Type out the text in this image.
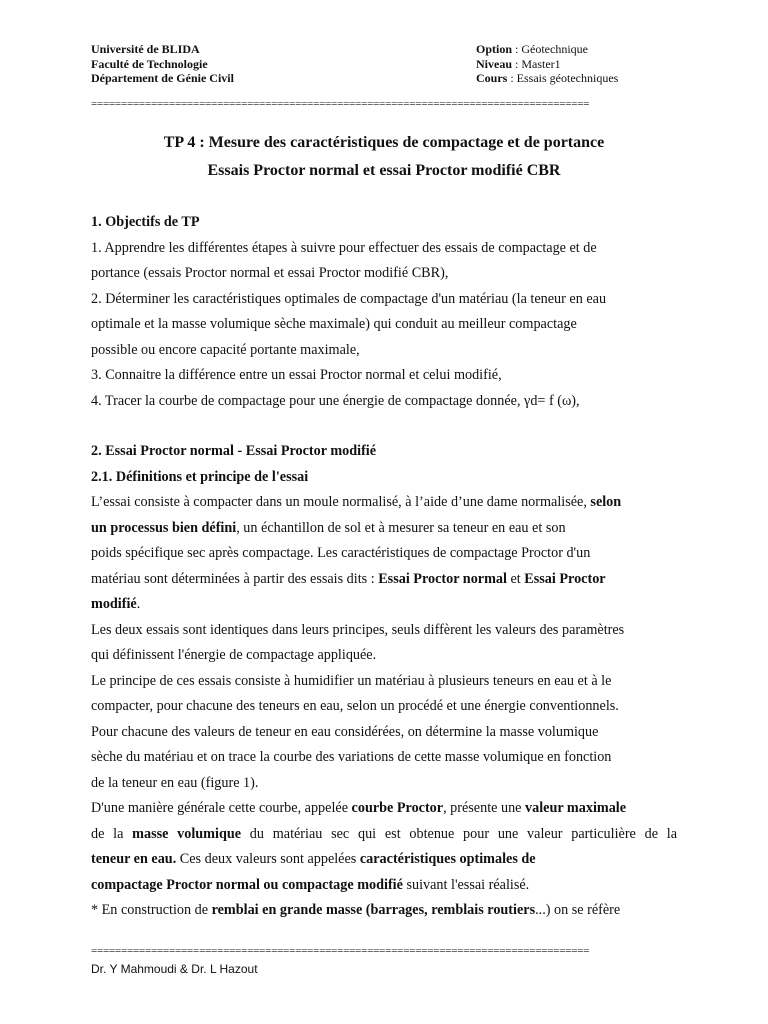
Université de BLIDA
Faculté de Technologie
Département de Génie Civil
Option : Géotechnique
Niveau : Master1
Cours : Essais géotechniques
===================================================================================
TP 4 : Mesure des caractéristiques de compactage et de portance
Essais Proctor normal et essai Proctor modifié CBR

1. Objectifs de TP

1. Apprendre les différentes étapes à suivre pour effectuer des essais de compactage et de

portance (essais Proctor normal et essai Proctor modifié CBR),

2. Déterminer les caractéristiques optimales de compactage d'un matériau (la teneur en eau

optimale et la masse volumique sèche maximale) qui conduit au meilleur compactage

possible ou encore capacité portante maximale,

3. Connaitre la différence entre un essai Proctor normal et celui modifié,

4. Tracer la courbe de compactage pour une énergie de compactage donnée, γd= f (ω),

2. Essai Proctor normal - Essai Proctor modifié

2.1. Définitions et principe de l'essai

L’essai consiste à compacter dans un moule normalisé, à l’aide d’une dame normalisée, selon

un processus bien défini, un échantillon de sol et à mesurer sa teneur en eau et son

poids spécifique sec après compactage. Les caractéristiques de compactage Proctor d'un

matériau sont déterminées à partir des essais dits : Essai Proctor normal et Essai Proctor

modifié.

Les deux essais sont identiques dans leurs principes, seuls diffèrent les valeurs des paramètres

qui définissent l'énergie de compactage appliquée.

Le principe de ces essais consiste à humidifier un matériau à plusieurs teneurs en eau et à le

compacter, pour chacune des teneurs en eau, selon un procédé et une énergie conventionnels.

Pour chacune des valeurs de teneur en eau considérées, on détermine la masse volumique

sèche du matériau et on trace la courbe des variations de cette masse volumique en fonction

de la teneur en eau (figure 1).

D'une manière générale cette courbe, appelée courbe Proctor, présente une valeur maximale

de la masse volumique du matériau sec qui est obtenue pour une valeur particulière de la

teneur en eau. Ces deux valeurs sont appelées caractéristiques optimales de

compactage Proctor normal ou compactage modifié suivant l'essai réalisé.

* En construction de remblai en grande masse (barrages, remblais routiers...) on se réfère

===================================================================================
Dr. Y Mahmoudi & Dr. L Hazout
